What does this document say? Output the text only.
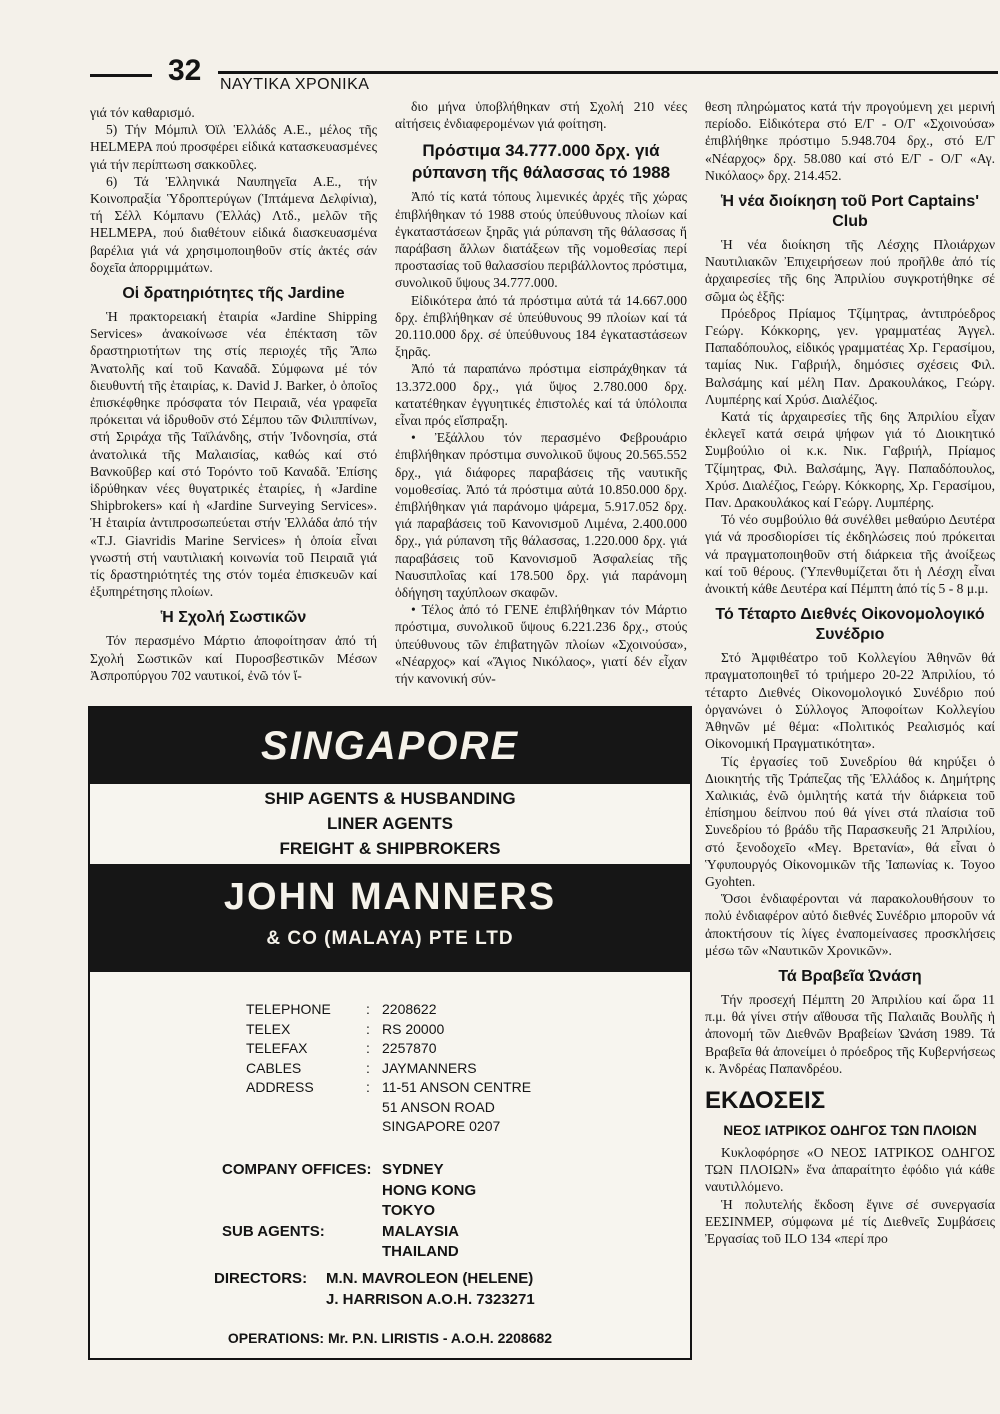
32 ΝΑΥΤΙΚΑ ΧΡΟΝΙΚΑ

γιά τόν καθαρισμό.

5) Τήν Μόμπιλ Όϊλ Ἑλλάδς Α.Ε., μέλος τῆς HELMEPA πού προσφέρει εἰδικά κατασκευασμένες γιά τήν περίπτωση σακκοῦλες.

6) Τά Ἑλληνικά Ναυπηγεῖα Α.Ε., τήν Κοινοπραξία Ὑδροπτερύγων (Ἱπτάμενα Δελφίνια), τή Σέλλ Κόμπανυ (Ἑλλάς) Λτδ., μελῶν τῆς HELMEPA, πού διαθέτουν εἰδικά διασκευασμένα βαρέλια γιά νά χρησιμοποιηθοῦν στίς ἀκτές σάν δοχεῖα ἀπορριμμάτων.

Οἱ δρατηριότητες τῆς Jardine

Ἡ πρακτορειακή ἑταιρία «Jardine Shipping Services» ἀνακοίνωσε νέα ἐπέκταση τῶν δραστηριοτήτων της στίς περιοχές τῆς Ἄπω Ἀνατολῆς καί τοῦ Καναδᾶ. Σύμφωνα μέ τόν διευθυντή τῆς ἑταιρίας, κ. David J. Barker, ὁ ὁποῖος ἐπισκέφθηκε πρόσφατα τόν Πειραιᾶ, νέα γραφεῖα πρόκειται νά ἱδρυθοῦν στό Σέμπου τῶν Φιλιππίνων, στή Σριράχα τῆς Ταϊλάνδης, στήν Ἰνδονησία, στά ἀνατολικά τῆς Μαλαισίας, καθώς καί στό Βανκοῦβερ καί στό Τορόντο τοῦ Καναδᾶ. Ἐπίσης ἱδρύθηκαν νέες θυγατρικές ἑταιρίες, ἡ «Jardine Shipbrokers» καί ἡ «Jardine Surveying Services». Ἡ ἑταιρία ἀντιπροσωπεύεται στήν Ἑλλάδα ἀπό τήν «T.J. Giavridis Marine Services» ἡ ὁποία εἶναι γνωστή στή ναυτιλιακή κοινωνία τοῦ Πειραιᾶ γιά τίς δραστηριότητές της στόν τομέα ἐπισκευῶν καί ἐξυπηρέτησης πλοίων.

Ἡ Σχολή Σωστικῶν

Τόν περασμένο Μάρτιο ἀποφοίτησαν ἀπό τή Σχολή Σωστικῶν καί Πυροσβεστικῶν Μέσων Ἀσπροπύργου 702 ναυτικοί, ἐνῶ τόν ἴ-

διο μήνα ὑποβλήθηκαν στή Σχολή 210 νέες αἰτήσεις ἐνδιαφερομένων γιά φοίτηση.

Πρόστιμα 34.777.000 δρχ. γιά ρύπανση τῆς θάλασσας τό 1988

Ἀπό τίς κατά τόπους λιμενικές ἀρχές τῆς χώρας ἐπιβλήθηκαν τό 1988 στούς ὑπεύθυνους πλοίων καί ἐγκαταστάσεων ξηρᾶς γιά ρύπανση τῆς θάλασσας ἤ παράβαση ἄλλων διατάξεων τῆς νομοθεσίας περί προστασίας τοῦ θαλασσίου περιβάλλοντος πρόστιμα, συνολικοῦ ὕψους 34.777.000.

Εἰδικότερα ἀπό τά πρόστιμα αὐτά τά 14.667.000 δρχ. ἐπιβλήθηκαν σέ ὑπεύθυνους 99 πλοίων καί τά 20.110.000 δρχ. σέ ὑπεύθυνους 184 ἐγκαταστάσεων ξηρᾶς.

Ἀπό τά παραπάνω πρόστιμα εἰσπράχθηκαν τά 13.372.000 δρχ., γιά ὕψος 2.780.000 δρχ. κατατέθηκαν ἐγγυητικές ἐπιστολές καί τά ὑπόλοιπα εἶναι πρός εἴσπραξη.

• Ἐξάλλου τόν περασμένο Φεβρουάριο ἐπιβλήθηκαν πρόστιμα συνολικοῦ ὕψους 20.565.552 δρχ., γιά διάφορες παραβάσεις τῆς ναυτικῆς νομοθεσίας. Ἀπό τά πρόστιμα αὐτά 10.850.000 δρχ. ἐπιβλήθηκαν γιά παράνομο ψάρεμα, 5.917.052 δρχ. γιά παραβάσεις τοῦ Κανονισμοῦ Λιμένα, 2.400.000 δρχ., γιά ρύπανση τῆς θάλασσας, 1.220.000 δρχ. γιά παραβάσεις τοῦ Κανονισμοῦ Ἀσφαλείας τῆς Ναυσιπλοΐας καί 178.500 δρχ. γιά παράνομη ὁδήγηση ταχύπλοων σκαφῶν.

• Τέλος ἀπό τό ΓΕΝΕ ἐπιβλήθηκαν τόν Μάρτιο πρόστιμα, συνολικοῦ ὕψους 6.221.236 δρχ., στούς ὑπεύθυνους τῶν ἐπιβατηγῶν πλοίων «Σχοινούσα», «Νέαρχος» καί «Ἅγιος Νικόλαος», γιατί δέν εἶχαν τήν κανονική σύν-

θεση πληρώματος κατά τήν προγούμενη χει μερινή περίοδο. Εἰδικότερα στό Ε/Γ - Ο/Γ «Σχοινούσα» ἐπιβλήθηκε πρόστιμο 5.948.704 δρχ., στό Ε/Γ «Νέαρχος» δρχ. 58.080 καί στό Ε/Γ - Ο/Γ «Αγ. Νικόλαος» δρχ. 214.452.

Ἡ νέα διοίκηση τοῦ Port Captains' Club

Ἡ νέα διοίκηση τῆς Λέσχης Πλοιάρχων Ναυτιλιακῶν Ἐπιχειρήσεων πού προῆλθε ἀπό τίς ἀρχαιρεσίες τῆς 6ης Ἀπριλίου συγκροτήθηκε σέ σῶμα ὡς ἑξῆς:

Πρόεδρος Πρίαμος Τζίμητρας, ἀντιπρόεδρος Γεώργ. Κόκκορης, γεν. γραμματέας Ἀγγελ. Παπαδόπουλος, εἰδικός γραμματέας Χρ. Γερασίμου, ταμίας Νικ. Γαβριήλ, δημόσιες σχέσεις Φιλ. Βαλσάμης καί μέλη Παν. Δρακουλάκος, Γεώργ. Λυμπέρης καί Χρύσ. Διαλέζιος.

Κατά τίς ἀρχαιρεσίες τῆς 6ης Ἀπριλίου εἶχαν ἐκλεγεῖ κατά σειρά ψήφων γιά τό Διοικητικό Συμβούλιο οἱ κ.κ. Νικ. Γαβριήλ, Πρίαμος Τζίμητρας, Φιλ. Βαλσάμης, Ἀγγ. Παπαδόπουλος, Χρύσ. Διαλέζιος, Γεώργ. Κόκκορης, Χρ. Γερασίμου, Παν. Δρακουλάκος καί Γεώργ. Λυμπέρης.

Τό νέο συμβούλιο θά συνέλθει μεθαύριο Δευτέρα γιά νά προσδιορίσει τίς ἐκδηλώσεις πού πρόκειται νά πραγματοποιηθοῦν στή διάρκεια τῆς ἀνοίξεως καί τοῦ θέρους. (Ὑπενθυμίζεται ὅτι ἡ Λέσχη εἶναι ἀνοικτή κάθε Δευτέρα καί Πέμπτη ἀπό τίς 5 - 8 μ.μ.

Τό Τέταρτο Διεθνές Οἰκονομολογικό Συνέδριο

Στό Ἀμφιθέατρο τοῦ Κολλεγίου Ἀθηνῶν θά πραγματοποιηθεῖ τό τριήμερο 20-22 Ἀπριλίου, τό τέταρτο Διεθνές Οἰκονομολογικό Συνέδριο πού ὀργανώνει ὁ Σύλλογος Ἀποφοίτων Κολλεγίου Ἀθηνῶν μέ θέμα: «Πολιτικός Ρεαλισμός καί Οἰκονομική Πραγματικότητα».

Τίς ἐργασίες τοῦ Συνεδρίου θά κηρύξει ὁ Διοικητής τῆς Τράπεζας τῆς Ἑλλάδος κ. Δημήτρης Χαλικιάς, ἐνῶ ὁμιλητής κατά τήν διάρκεια τοῦ ἐπίσημου δείπνου πού θά γίνει στά πλαίσια τοῦ Συνεδρίου τό βράδυ τῆς Παρασκευῆς 21 Ἀπριλίου, στό ξενοδοχεῖο «Μεγ. Βρετανία», θά εἶναι ὁ Ὑφυπουργός Οἰκονομικῶν τῆς Ἰαπωνίας κ. Toyoo Gyohten.

Ὅσοι ἐνδιαφέρονται νά παρακολουθήσουν το πολύ ἐνδιαφέρον αὐτό διεθνές Συνέδριο μποροῦν νά ἀποκτήσουν τίς λίγες ἐναπομείνασες προσκλήσεις μέσω τῶν «Ναυτικῶν Χρονικῶν».

Τά Βραβεῖα Ὠνάση

Τήν προσεχή Πέμπτη 20 Ἀπριλίου καί ὥρα 11 π.μ. θά γίνει στήν αἴθουσα τῆς Παλαιᾶς Βουλῆς ἡ ἀπονομή τῶν Διεθνῶν Βραβείων Ὠνάση 1989. Τά Βραβεῖα θά ἀπονείμει ὁ πρόεδρος τῆς Κυβερνήσεως κ. Ἀνδρέας Παπανδρέου.

ΕΚΔΟΣΕΙΣ
ΝΕΟΣ ΙΑΤΡΙΚΟΣ ΟΔΗΓΟΣ ΤΩΝ ΠΛΟΙΩΝ

Κυκλοφόρησε «Ο ΝΕΟΣ ΙΑΤΡΙΚΟΣ ΟΔΗΓΟΣ ΤΩΝ ΠΛΟΙΩΝ» ἕνα ἀπαραίτητο ἐφόδιο γιά κάθε ναυτιλλόμενο.

Ἡ πολυτελής ἔκδοση ἔγινε σέ συνεργασία ΕΕΣΙΝΜΕΡ, σύμφωνα μέ τίς Διεθνεῖς Συμβάσεις Ἐργασίας τοῦ ILO 134 «περί προ

SINGAPORE
SHIP AGENTS & HUSBANDING
LINER AGENTS
FREIGHT & SHIPBROKERS
JOHN MANNERS
& CO (MALAYA) PTE LTD
TELEPHONE	: 2208622
TELEX	: RS 20000
TELEFAX	: 2257870
CABLES	: JAYMANNERS
ADDRESS	: 11-51 ANSON CENTRE
51 ANSON ROAD
SINGAPORE 0207
COMPANY OFFICES: SYDNEY
HONG KONG
TOKYO
SUB AGENTS:	MALAYSIA
THAILAND
DIRECTORS:	M.N. MAVROLEON (HELENE)
J. HARRISON A.O.H. 7323271
OPERATIONS: Mr. P.N. LIRISTIS - A.O.H. 2208682
